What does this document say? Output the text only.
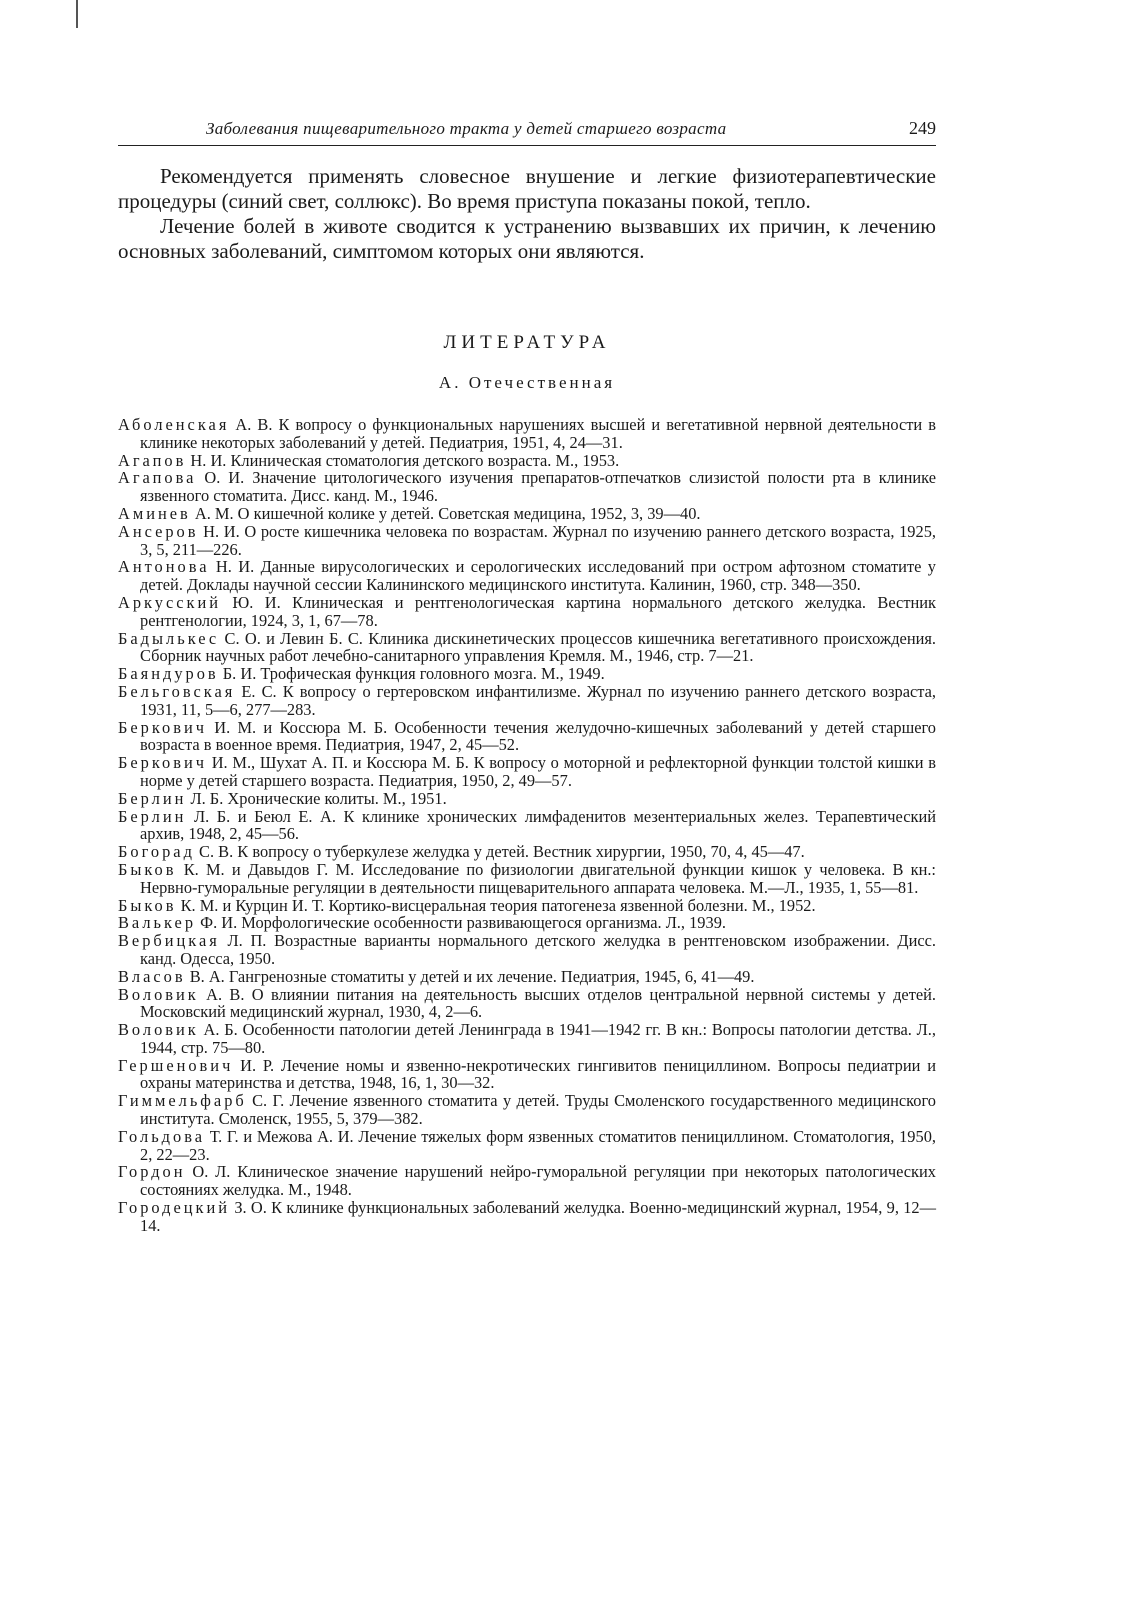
Заболевания пищеварительного тракта у детей старшего возраста	249

Рекомендуется применять словесное внушение и легкие физиотерапевтические процедуры (синий свет, соллюкс). Во время приступа показаны покой, тепло.

Лечение болей в животе сводится к устранению вызвавших их причин, к лечению основных заболеваний, симптомом которых они являются.

ЛИТЕРАТУРА
А. Отечественная
Аболенская А. В. К вопросу о функциональных нарушениях высшей и вегетативной нервной деятельности в клинике некоторых заболеваний у детей. Педиатрия, 1951, 4, 24—31.
Агапов Н. И. Клиническая стоматология детского возраста. М., 1953.
Агапова О. И. Значение цитологического изучения препаратов-отпечатков слизистой полости рта в клинике язвенного стоматита. Дисс. канд. М., 1946.
Аминев А. М. О кишечной колике у детей. Советская медицина, 1952, 3, 39—40.
Ансеров Н. И. О росте кишечника человека по возрастам. Журнал по изучению раннего детского возраста, 1925, 3, 5, 211—226.
Антонова Н. И. Данные вирусологических и серологических исследований при остром афтозном стоматите у детей. Доклады научной сессии Калининского медицинского института. Калинин, 1960, стр. 348—350.
Аркусский Ю. И. Клиническая и рентгенологическая картина нормального детского желудка. Вестник рентгенологии, 1924, 3, 1, 67—78.
Бадылькес С. О. и Левин Б. С. Клиника дискинетических процессов кишечника вегетативного происхождения. Сборник научных работ лечебно-санитарного управления Кремля. М., 1946, стр. 7—21.
Баяндуров Б. И. Трофическая функция головного мозга. М., 1949.
Бельговская Е. С. К вопросу о гертеровском инфантилизме. Журнал по изучению раннего детского возраста, 1931, 11, 5—6, 277—283.
Беркович И. М. и Коссюра М. Б. Особенности течения желудочно-кишечных заболеваний у детей старшего возраста в военное время. Педиатрия, 1947, 2, 45—52.
Беркович И. М., Шухат А. П. и Коссюра М. Б. К вопросу о моторной и рефлекторной функции толстой кишки в норме у детей старшего возраста. Педиатрия, 1950, 2, 49—57.
Берлин Л. Б. Хронические колиты. М., 1951.
Берлин Л. Б. и Беюл Е. А. К клинике хронических лимфаденитов мезентериальных желез. Терапевтический архив, 1948, 2, 45—56.
Богорад С. В. К вопросу о туберкулезе желудка у детей. Вестник хирургии, 1950, 70, 4, 45—47.
Быков К. М. и Давыдов Г. М. Исследование по физиологии двигательной функции кишок у человека. В кн.: Нервно-гуморальные регуляции в деятельности пищеварительного аппарата человека. М.—Л., 1935, 1, 55—81.
Быков К. М. и Курцин И. Т. Кортико-висцеральная теория патогенеза язвенной болезни. М., 1952.
Валькер Ф. И. Морфологические особенности развивающегося организма. Л., 1939.
Вербицкая Л. П. Возрастные варианты нормального детского желудка в рентгеновском изображении. Дисс. канд. Одесса, 1950.
Власов В. А. Гангренозные стоматиты у детей и их лечение. Педиатрия, 1945, 6, 41—49.
Воловик А. В. О влиянии питания на деятельность высших отделов центральной нервной системы у детей. Московский медицинский журнал, 1930, 4, 2—6.
Воловик А. Б. Особенности патологии детей Ленинграда в 1941—1942 гг. В кн.: Вопросы патологии детства. Л., 1944, стр. 75—80.
Гершенович И. Р. Лечение номы и язвенно-некротических гингивитов пенициллином. Вопросы педиатрии и охраны материнства и детства, 1948, 16, 1, 30—32.
Гиммельфарб С. Г. Лечение язвенного стоматита у детей. Труды Смоленского государственного медицинского института. Смоленск, 1955, 5, 379—382.
Гольдова Т. Г. и Межова А. И. Лечение тяжелых форм язвенных стоматитов пенициллином. Стоматология, 1950, 2, 22—23.
Гордон О. Л. Клиническое значение нарушений нейро-гуморальной регуляции при некоторых патологических состояниях желудка. М., 1948.
Городецкий З. О. К клинике функциональных заболеваний желудка. Военно-медицинский журнал, 1954, 9, 12—14.
